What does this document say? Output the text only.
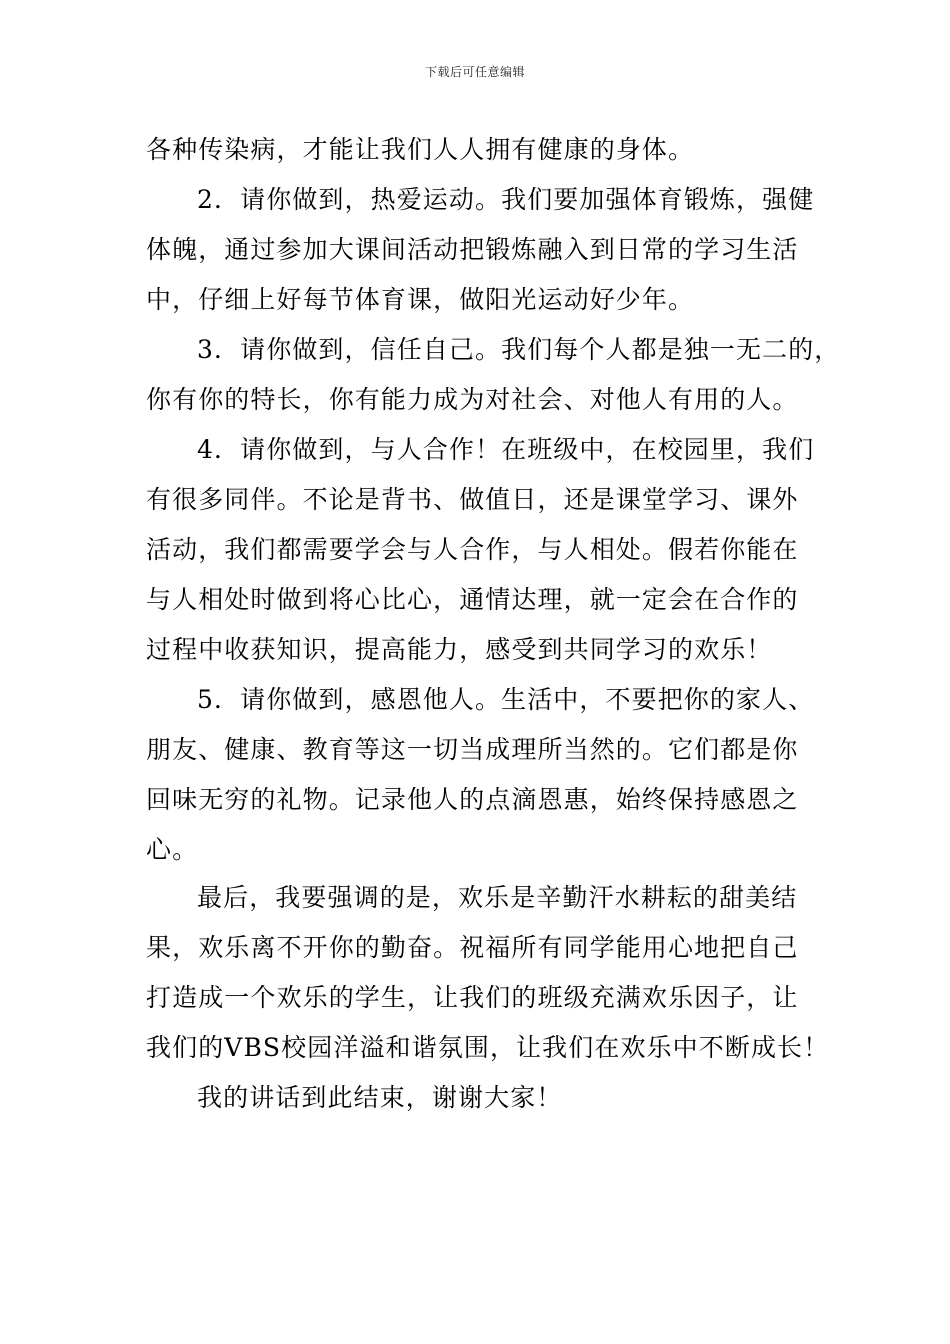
下载后可任意编辑
各种传染病，才能让我们人人拥有健康的身体。
2．请你做到，热爱运动。我们要加强体育锻炼，强健
体魄，通过参加大课间活动把锻炼融入到日常的学习生活
中，仔细上好每节体育课，做阳光运动好少年。
3．请你做到，信任自己。我们每个人都是独一无二的，
你有你的特长，你有能力成为对社会、对他人有用的人。
4．请你做到，与人合作！在班级中，在校园里，我们
有很多同伴。不论是背书、做值日，还是课堂学习、课外
活动，我们都需要学会与人合作，与人相处。假若你能在
与人相处时做到将心比心，通情达理，就一定会在合作的
过程中收获知识，提高能力，感受到共同学习的欢乐！
5．请你做到，感恩他人。生活中，不要把你的家人、
朋友、健康、教育等这一切当成理所当然的。它们都是你
回味无穷的礼物。记录他人的点滴恩惠，始终保持感恩之
心。
最后，我要强调的是，欢乐是辛勤汗水耕耘的甜美结
果，欢乐离不开你的勤奋。祝福所有同学能用心地把自己
打造成一个欢乐的学生，让我们的班级充满欢乐因子，让
我们的VBS校园洋溢和谐氛围，让我们在欢乐中不断成长！
我的讲话到此结束，谢谢大家！
